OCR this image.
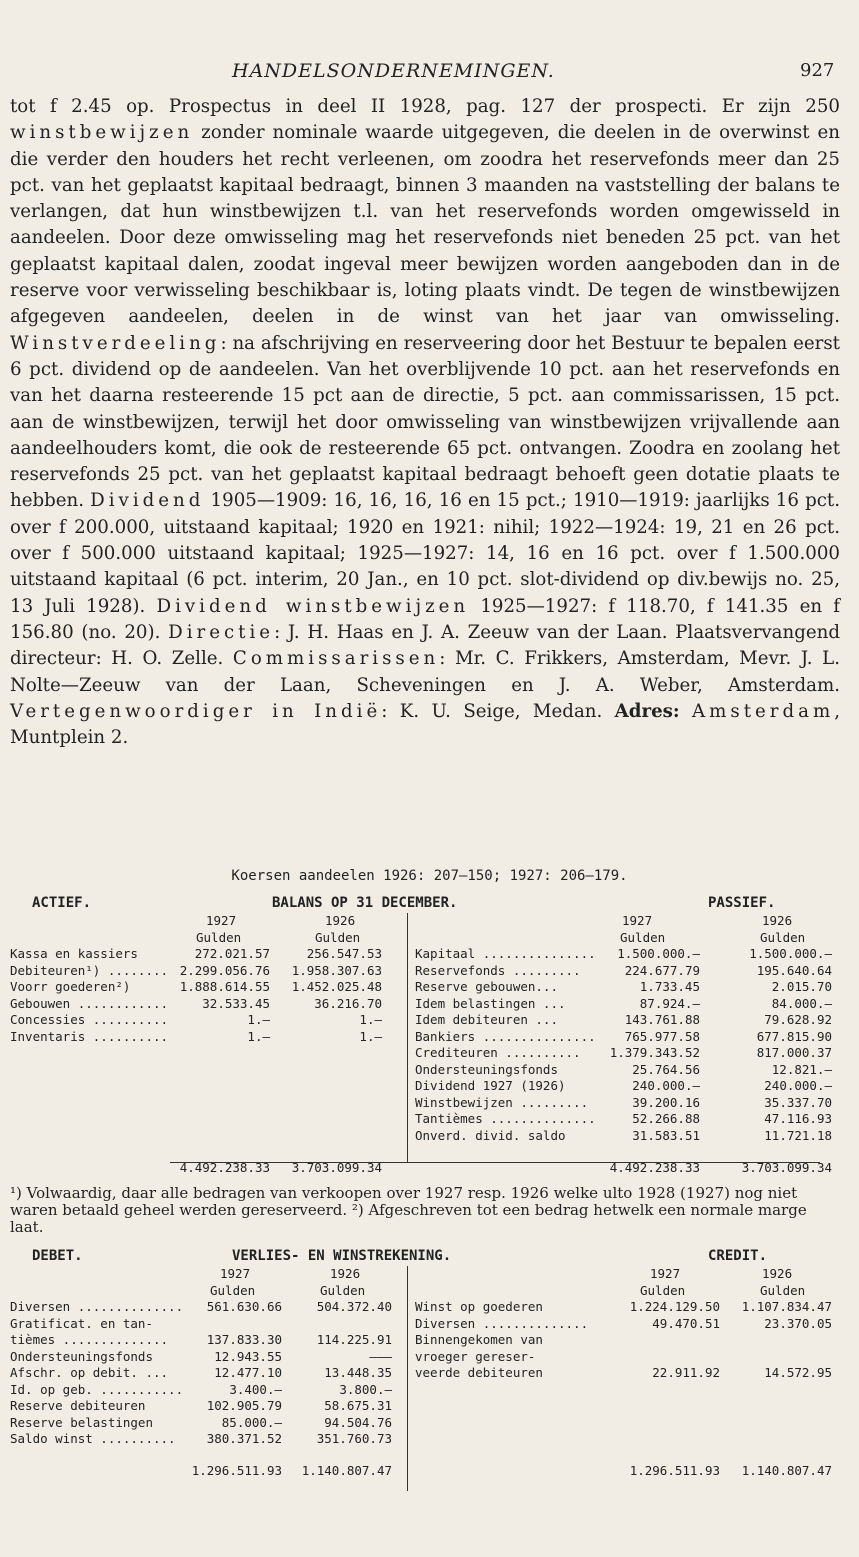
HANDELSONDERNEMINGEN.	927
tot f 2.45 op. Prospectus in deel II 1928, pag. 127 der prospecti. Er zijn 250 winstbewijzen zonder nominale waarde uitgegeven, die deelen in de overwinst en die verder den houders het recht verleenen, om zoodra het reservefonds meer dan 25 pct. van het geplaatst kapitaal bedraagt, binnen 3 maanden na vaststelling der balans te verlangen, dat hun winstbewijzen t.l. van het reservefonds worden omgewisseld in aandeelen. Door deze omwisseling mag het reservefonds niet beneden 25 pct. van het geplaatst kapitaal dalen, zoodat ingeval meer bewijzen worden aangeboden dan in de reserve voor verwisseling beschikbaar is, loting plaats vindt. De tegen de winstbewijzen afgegeven aandeelen, deelen in de winst van het jaar van omwisseling. Winstverdeeling: na afschrijving en reserveering door het Bestuur te bepalen eerst 6 pct. dividend op de aandeelen. Van het overblijvende 10 pct. aan het reservefonds en van het daarna resteerende 15 pct aan de directie, 5 pct. aan commissarissen, 15 pct. aan de winstbewijzen, terwijl het door omwisseling van winstbewijzen vrijvallende aan aandeelhouders komt, die ook de resteerende 65 pct. ontvangen. Zoodra en zoolang het reservefonds 25 pct. van het geplaatst kapitaal bedraagt behoeft geen dotatie plaats te hebben. Dividend 1905—1909: 16, 16, 16, 16 en 15 pct.; 1910—1919: jaarlijks 16 pct. over f 200.000, uitstaand kapitaal; 1920 en 1921: nihil; 1922—1924: 19, 21 en 26 pct. over f 500.000 uitstaand kapitaal; 1925—1927: 14, 16 en 16 pct. over f 1.500.000 uitstaand kapitaal (6 pct. interim, 20 Jan., en 10 pct. slot-dividend op div.bewijs no. 25, 13 Juli 1928). Dividend winstbewijzen 1925—1927: f 118.70, f 141.35 en f 156.80 (no. 20). Directie: J. H. Haas en J. A. Zeeuw van der Laan. Plaatsvervangend directeur: H. O. Zelle. Commissarissen: Mr. C. Frikkers, Amsterdam, Mevr. J. L. Nolte—Zeeuw van der Laan, Scheveningen en J. A. Weber, Amsterdam. Vertegenwoordiger in Indië: K. U. Seige, Medan. Adres: Amsterdam, Muntplein 2.
Koersen aandeelen 1926: 207—150; 1927: 206—179.
ACTIEF.	BALANS OP 31 DECEMBER.	PASSIEF.
1927	1926	1927	1926
Gulden	Gulden	Gulden	Gulden
Kassa en kassiers	272.021.57	256.547.53
Debiteuren¹) ........ 2.299.056.76	1.958.307.63
Voorr goederen²)	1.888.614.55	1.452.025.48
Gebouwen ............	32.533.45	36.216.70
Concessies ..........	1.—	1.—
Inventaris ..........	1.—	1.—
Kapitaal ...............	1.500.000.—	1.500.000.—
Reservefonds .........	224.677.79	195.640.64
Reserve gebouwen...	1.733.45	2.015.70
Idem belastingen ...	87.924.—	84.000.—
Idem debiteuren ...	143.761.88	79.628.92
Bankiers ...............	765.977.58	677.815.90
Crediteuren ..........	1.379.343.52	817.000.37
Ondersteuningsfonds	25.764.56	12.821.—
Dividend 1927 (1926)	240.000.—	240.000.—
Winstbewijzen .........	39.200.16	35.337.70
Tantièmes ..............	52.266.88	47.116.93
Onverd. divid. saldo	31.583.51	11.721.18
4.492.238.33	3.703.099.34	4.492.238.33	3.703.099.34
¹) Volwaardig, daar alle bedragen van verkoopen over 1927 resp. 1926 welke ulto 1928 (1927) nog niet waren betaald geheel werden gereserveerd. ²) Afgeschreven tot een bedrag hetwelk een normale marge laat.
DEBET.	VERLIES- EN WINSTREKENING.	CREDIT.
1927	1926	1927	1926
Gulden	Gulden	Gulden	Gulden
Diversen ..............	561.630.66	504.372.40
Gratificat. en tan-
tièmes ..............	137.833.30	114.225.91
Ondersteuningsfonds	12.943.55	———
Afschr. op debit. ...	12.477.10	13.448.35
Id. op geb. ...........	3.400.—	3.800.—
Reserve debiteuren	102.905.79	58.675.31
Reserve belastingen	85.000.—	94.504.76
Saldo winst ..........	380.371.52	351.760.73
Winst op goederen	1.224.129.50	1.107.834.47
Diversen ..............	49.470.51	23.370.05
Binnengekomen van
vroeger gereser-
veerde debiteuren	22.911.92	14.572.95
1.296.511.93	1.140.807.47	1.296.511.93	1.140.807.47
